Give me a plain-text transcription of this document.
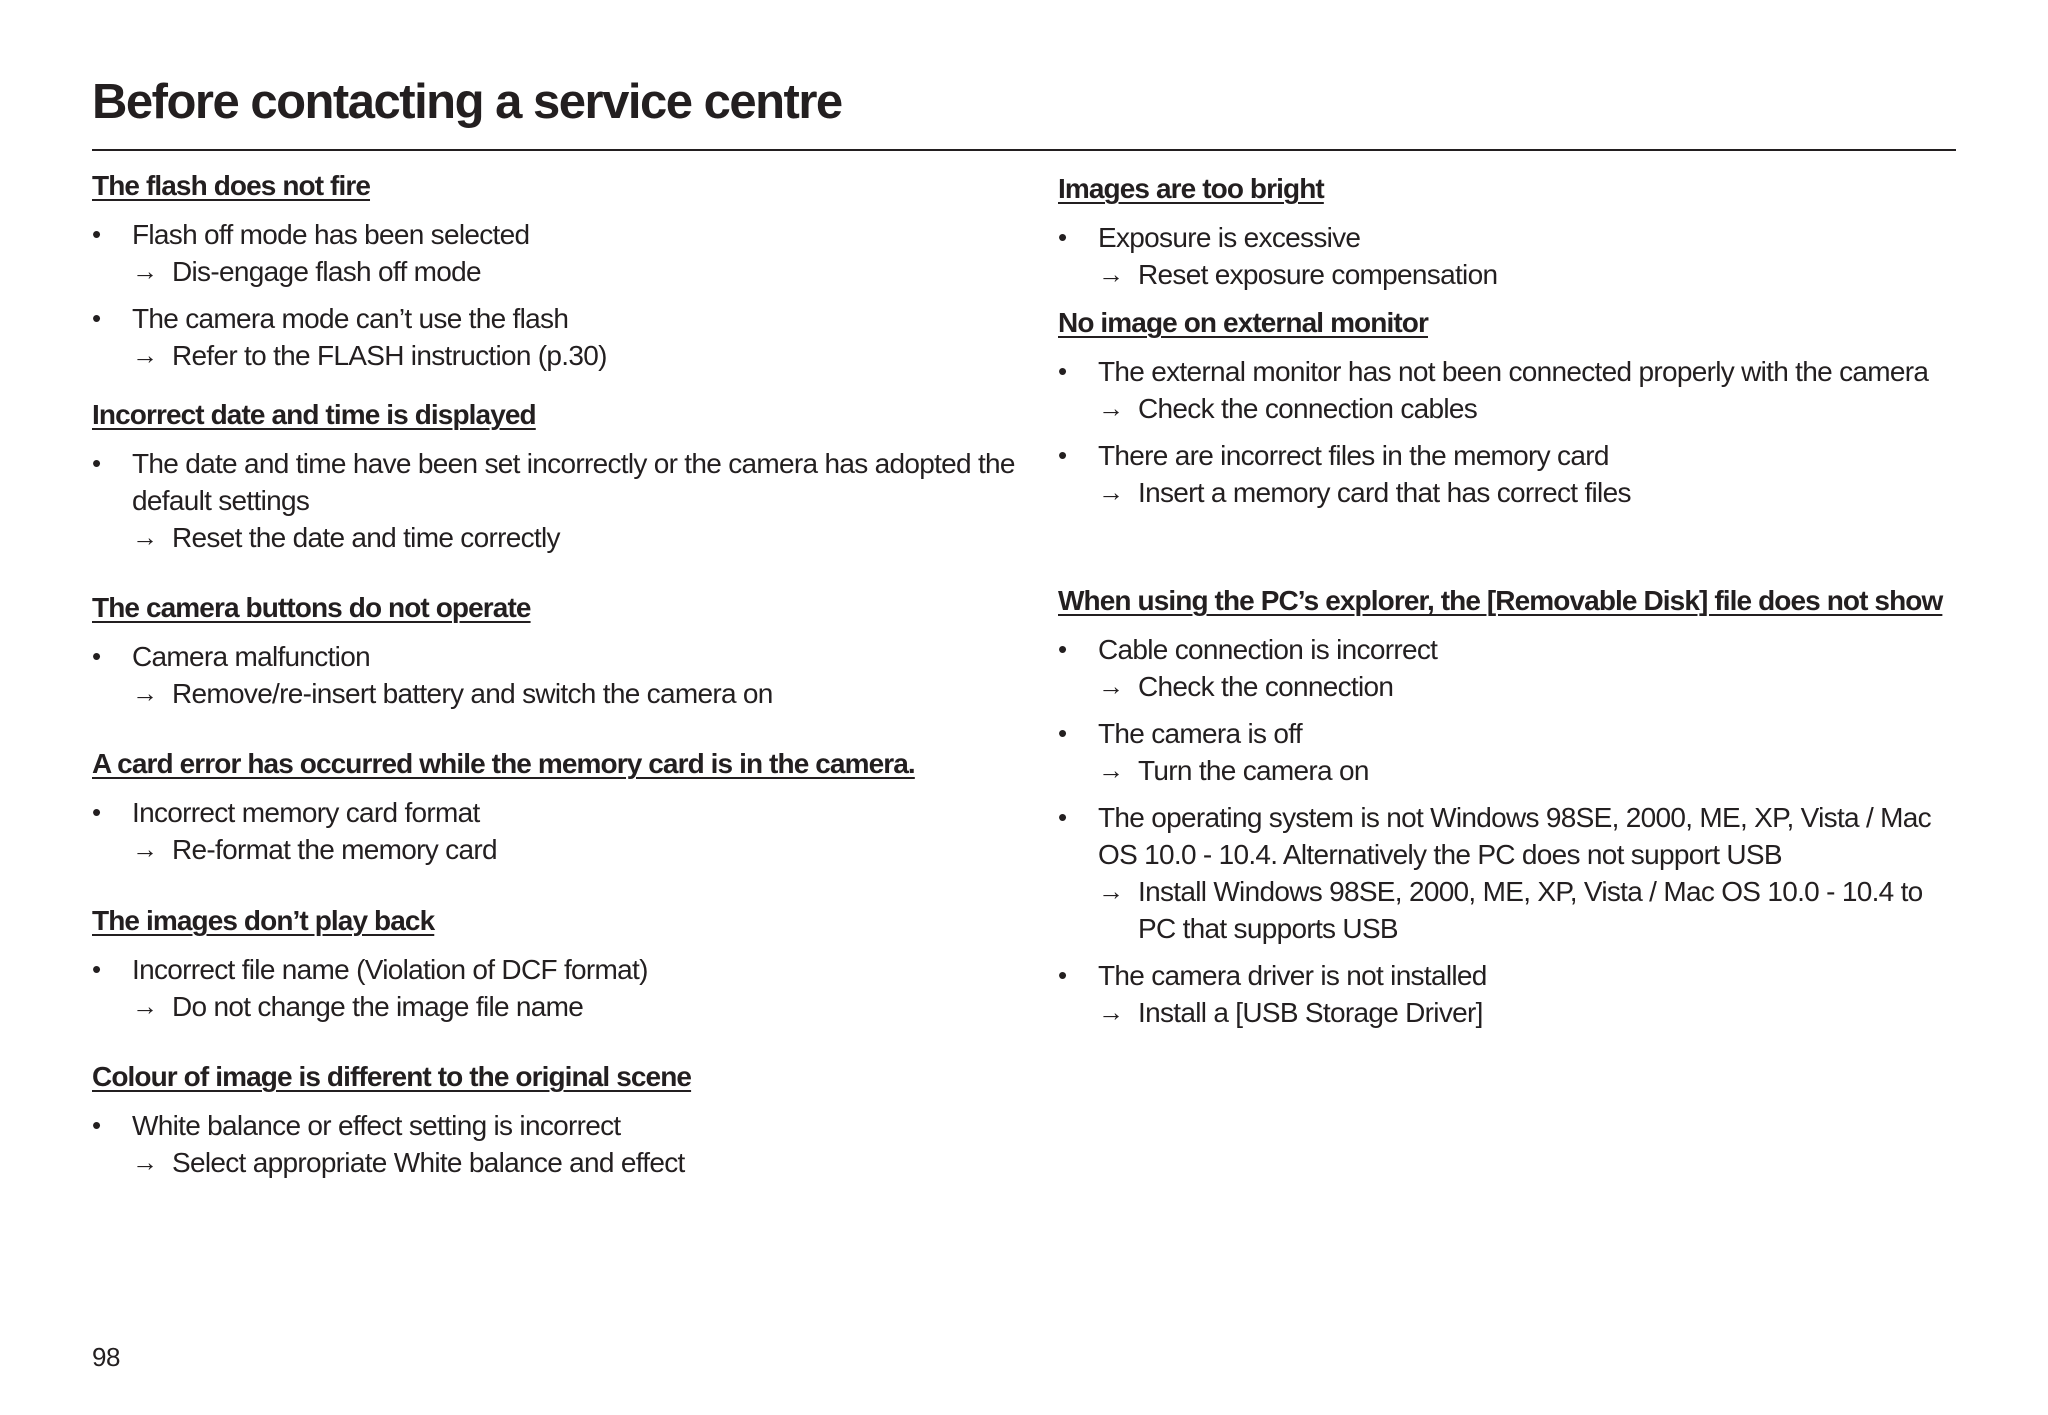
Before contacting a service centre
The flash does not fire
• Flash off mode has been selected
→ Dis-engage flash off mode
• The camera mode can’t use the flash
→ Refer to the FLASH instruction (p.30)
Incorrect date and time is displayed
• The date and time have been set incorrectly or the camera has adopted the default settings
→ Reset the date and time correctly
The camera buttons do not operate
• Camera malfunction
→ Remove/re-insert battery and switch the camera on
A card error has occurred while the memory card is in the camera.
• Incorrect memory card format
→ Re-format the memory card
The images don’t play back
• Incorrect file name (Violation of DCF format)
→ Do not change the image file name
Colour of image is different to the original scene
• White balance or effect setting is incorrect
→ Select appropriate White balance and effect
Images are too bright
• Exposure is excessive
→ Reset exposure compensation
No image on external monitor
• The external monitor has not been connected properly with the camera
→ Check the connection cables
• There are incorrect files in the memory card
→ Insert a memory card that has correct files
When using the PC’s explorer, the [Removable Disk] file does not show
• Cable connection is incorrect
→ Check the connection
• The camera is off
→ Turn the camera on
• The operating system is not Windows 98SE, 2000, ME, XP, Vista / Mac OS 10.0 - 10.4. Alternatively the PC does not support USB
→ Install Windows 98SE, 2000, ME, XP, Vista / Mac OS 10.0 - 10.4 to PC that supports USB
• The camera driver is not installed
→ Install a [USB Storage Driver]
98
